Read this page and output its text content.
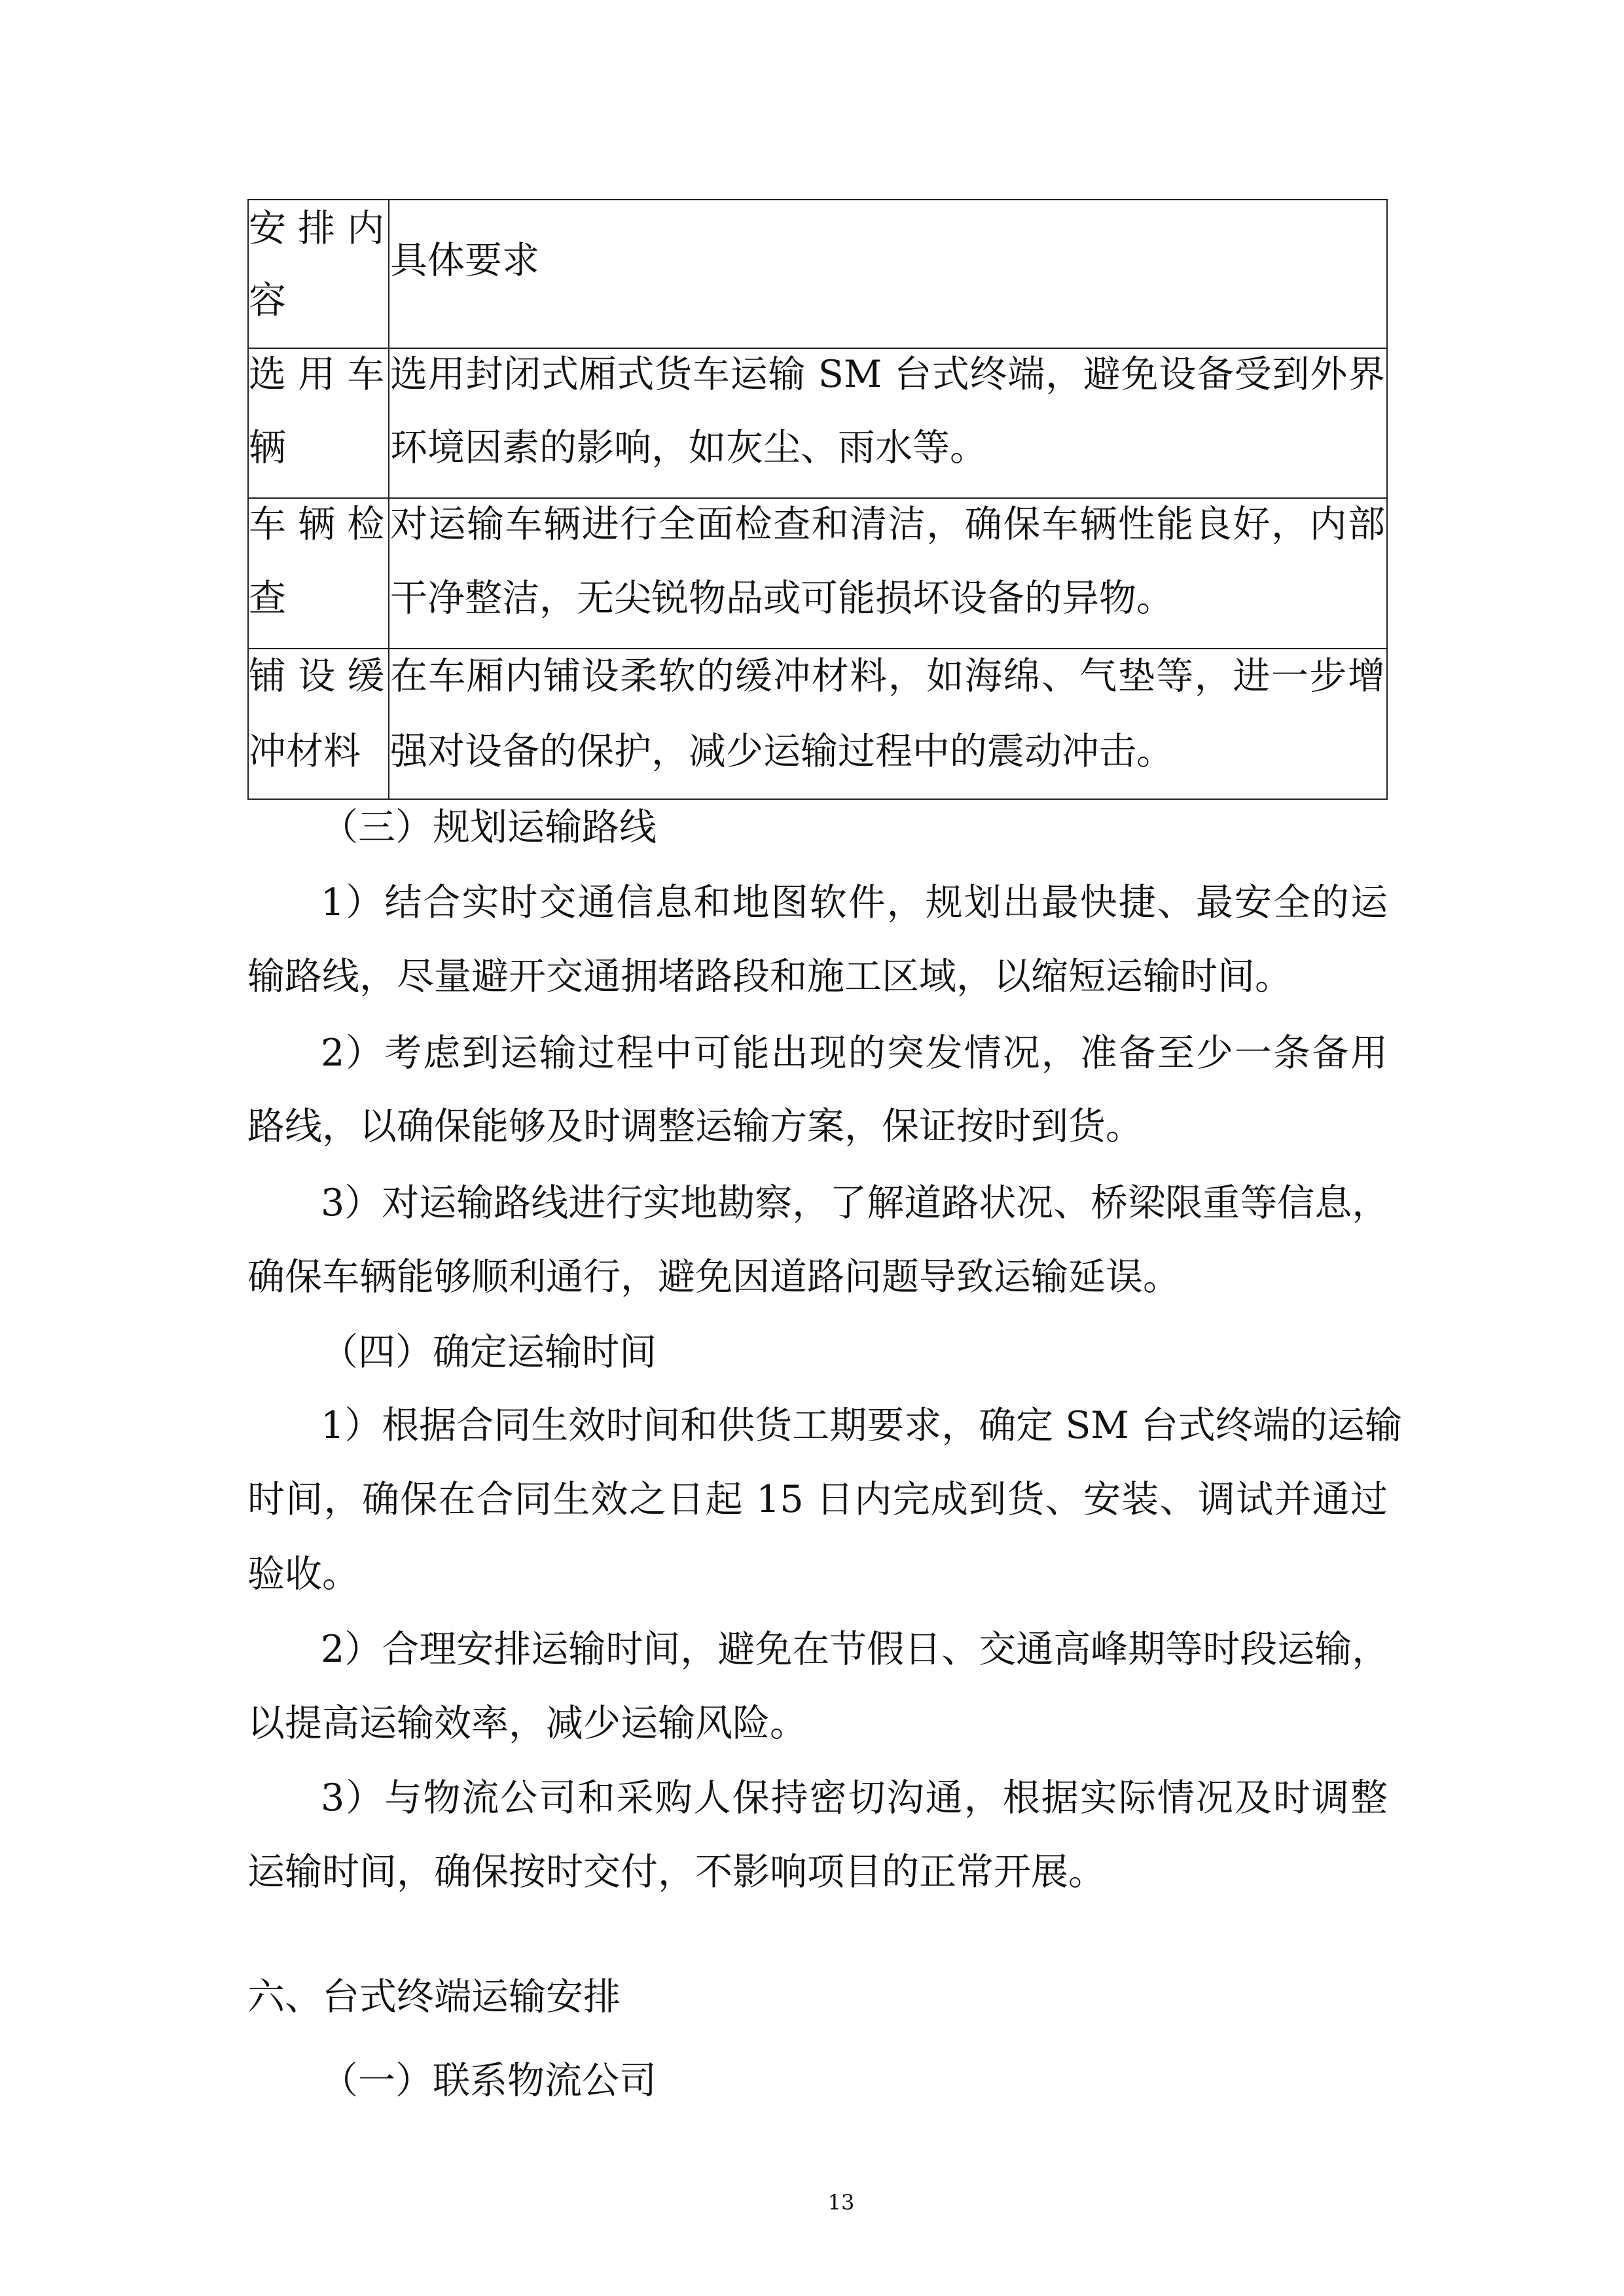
安 排 内
容
具体要求
选 用 车
辆
选用封闭式厢式货车运输 SM 台式终端，避免设备受到外界
环境因素的影响，如灰尘、雨水等。
车 辆 检
查
对运输车辆进行全面检查和清洁，确保车辆性能良好，内部
干净整洁，无尖锐物品或可能损坏设备的异物。
铺 设 缓
冲材料
在车厢内铺设柔软的缓冲材料，如海绵、气垫等，进一步增
强对设备的保护，减少运输过程中的震动冲击。
（三）规划运输路线
1）结合实时交通信息和地图软件，规划出最快捷、最安全的运
输路线，尽量避开交通拥堵路段和施工区域，以缩短运输时间。
2）考虑到运输过程中可能出现的突发情况，准备至少一条备用
路线，以确保能够及时调整运输方案，保证按时到货。
3）对运输路线进行实地勘察，了解道路状况、桥梁限重等信息，
确保车辆能够顺利通行，避免因道路问题导致运输延误。
（四）确定运输时间
1）根据合同生效时间和供货工期要求，确定 SM 台式终端的运输
时间，确保在合同生效之日起 15 日内完成到货、安装、调试并通过
验收。
2）合理安排运输时间，避免在节假日、交通高峰期等时段运输，
以提高运输效率，减少运输风险。
3）与物流公司和采购人保持密切沟通，根据实际情况及时调整
运输时间，确保按时交付，不影响项目的正常开展。
六、台式终端运输安排
（一）联系物流公司
13
